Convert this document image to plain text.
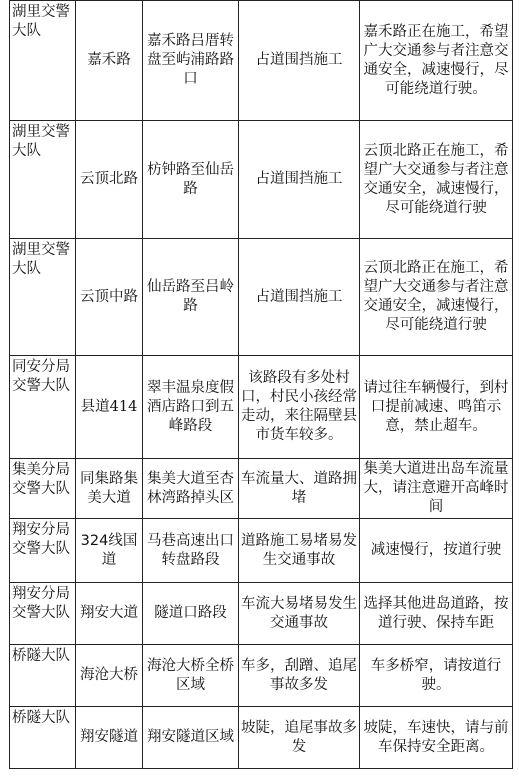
湖里交警大队	嘉禾路	嘉禾路吕厝转盘至屿浦路路口	占道围挡施工	嘉禾路正在施工，希望广大交通参与者注意交通安全，减速慢行，尽可能绕道行驶。
湖里交警大队	云顶北路	枋钟路至仙岳路	占道围挡施工	云顶北路正在施工，希望广大交通参与者注意交通安全，减速慢行，尽可能绕道行驶
湖里交警大队	云顶中路	仙岳路至吕岭路	占道围挡施工	云顶北路正在施工，希望广大交通参与者注意交通安全，减速慢行，尽可能绕道行驶
同安分局交警大队	县道414	翠丰温泉度假酒店路口到五峰路段	该路段有多处村口，村民小孩经常走动，来往隔壁县市货车较多。	请过往车辆慢行，到村口提前减速、鸣笛示意，禁止超车。
集美分局交警大队	同集路集美大道	集美大道至杏林湾路掉头区	车流量大、道路拥堵	集美大道进出岛车流量大，请注意避开高峰时间
翔安分局交警大队	324线国道	马巷高速出口转盘路段	道路施工易堵易发生交通事故	减速慢行，按道行驶
翔安分局交警大队	翔安大道	隧道口路段	车流大易堵易发生交通事故	选择其他进岛道路，按道行驶、保持车距
桥隧大队	海沧大桥	海沧大桥全桥区域	车多，刮蹭、追尾事故多发	车多桥窄，请按道行驶。
桥隧大队	翔安隧道	翔安隧道区域	坡陡，追尾事故多发	坡陡，车速快，请与前车保持安全距离。
